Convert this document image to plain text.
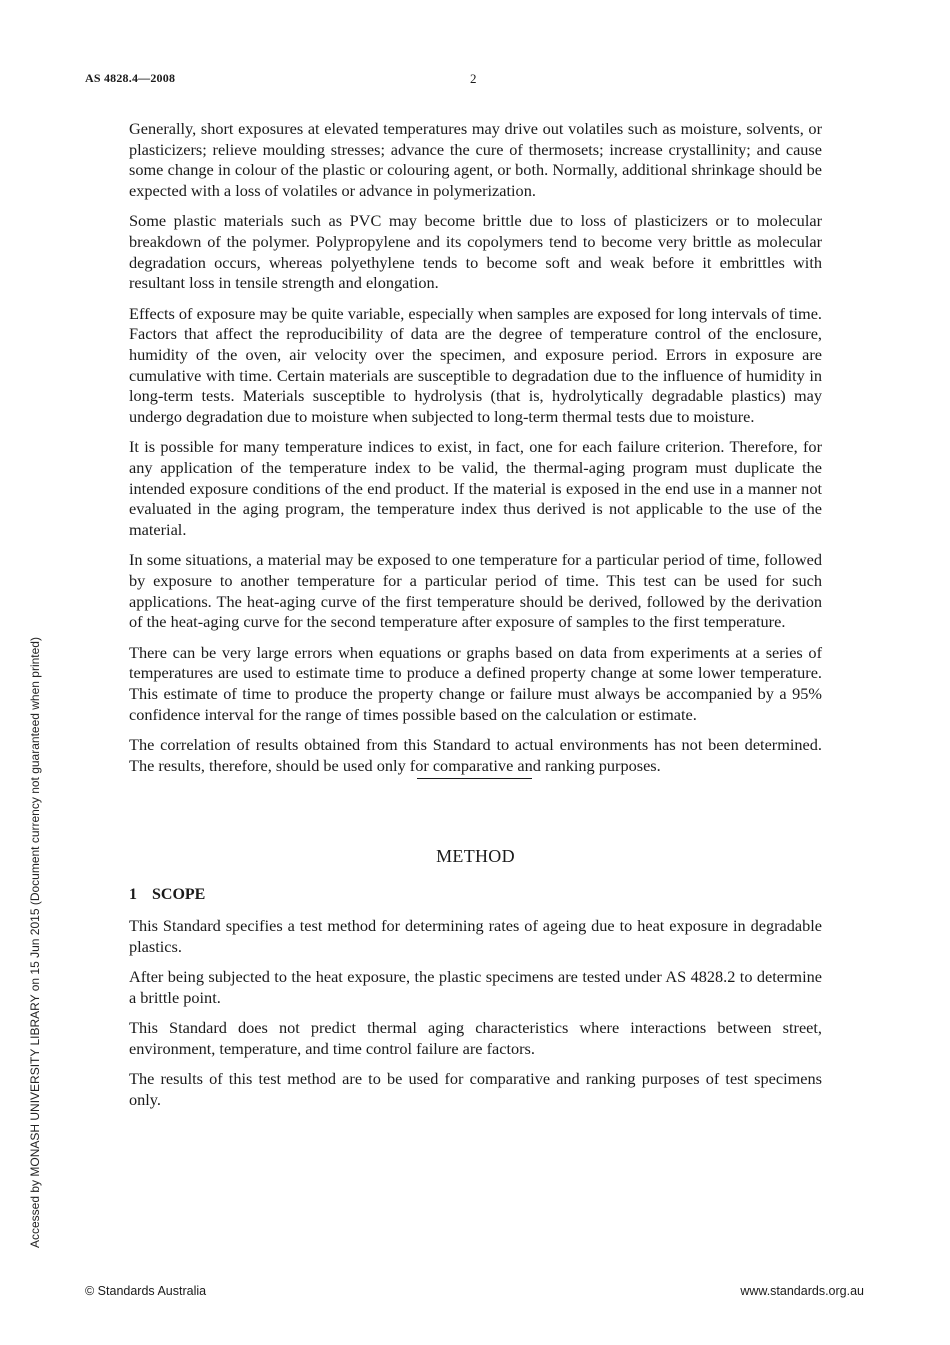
AS 4828.4—2008	2
Accessed by MONASH UNIVERSITY LIBRARY on 15 Jun 2015 (Document currency not guaranteed when printed)

Generally, short exposures at elevated temperatures may drive out volatiles such as moisture, solvents, or plasticizers; relieve moulding stresses; advance the cure of thermosets; increase crystallinity; and cause some change in colour of the plastic or colouring agent, or both. Normally, additional shrinkage should be expected with a loss of volatiles or advance in polymerization.

Some plastic materials such as PVC may become brittle due to loss of plasticizers or to molecular breakdown of the polymer. Polypropylene and its copolymers tend to become very brittle as molecular degradation occurs, whereas polyethylene tends to become soft and weak before it embrittles with resultant loss in tensile strength and elongation.

Effects of exposure may be quite variable, especially when samples are exposed for long intervals of time. Factors that affect the reproducibility of data are the degree of temperature control of the enclosure, humidity of the oven, air velocity over the specimen, and exposure period. Errors in exposure are cumulative with time. Certain materials are susceptible to degradation due to the influence of humidity in long-term tests. Materials susceptible to hydrolysis (that is, hydrolytically degradable plastics) may undergo degradation due to moisture when subjected to long-term thermal tests due to moisture.

It is possible for many temperature indices to exist, in fact, one for each failure criterion. Therefore, for any application of the temperature index to be valid, the thermal-aging program must duplicate the intended exposure conditions of the end product. If the material is exposed in the end use in a manner not evaluated in the aging program, the temperature index thus derived is not applicable to the use of the material.

In some situations, a material may be exposed to one temperature for a particular period of time, followed by exposure to another temperature for a particular period of time. This test can be used for such applications. The heat-aging curve of the first temperature should be derived, followed by the derivation of the heat-aging curve for the second temperature after exposure of samples to the first temperature.

There can be very large errors when equations or graphs based on data from experiments at a series of temperatures are used to estimate time to produce a defined property change at some lower temperature. This estimate of time to produce the property change or failure must always be accompanied by a 95% confidence interval for the range of times possible based on the calculation or estimate.

The correlation of results obtained from this Standard to actual environments has not been determined. The results, therefore, should be used only for comparative and ranking purposes.

METHOD
1 SCOPE

This Standard specifies a test method for determining rates of ageing due to heat exposure in degradable plastics.

After being subjected to the heat exposure, the plastic specimens are tested under AS 4828.2 to determine a brittle point.

This Standard does not predict thermal aging characteristics where interactions between street, environment, temperature, and time control failure are factors.

The results of this test method are to be used for comparative and ranking purposes of test specimens only.

© Standards Australia	www.standards.org.au
